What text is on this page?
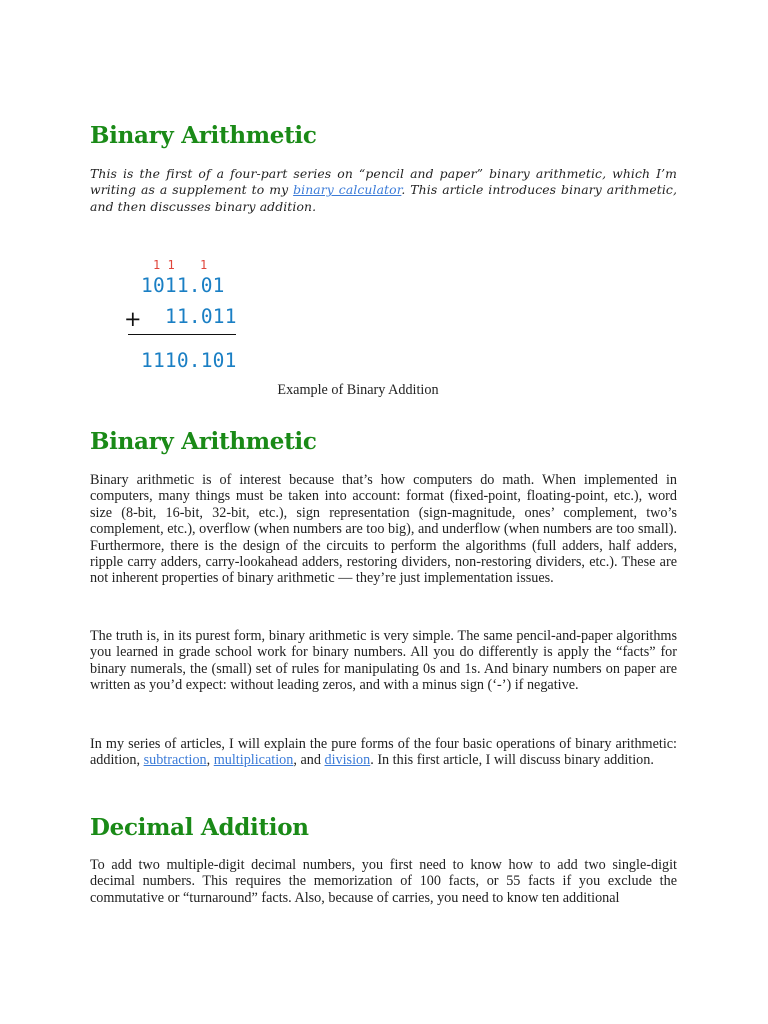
Binary Arithmetic

This is the first of a four-part series on “pencil and paper” binary arithmetic, which I’m writing as a supplement to my binary calculator. This article introduces binary arithmetic, and then discusses binary addition.

1 1 1
1011.01
+ 11.011
1110.101
Example of Binary Addition
Binary Arithmetic

Binary arithmetic is of interest because that’s how computers do math. When implemented in computers, many things must be taken into account: format (fixed-point, floating-point, etc.), word size (8-bit, 16-bit, 32-bit, etc.), sign representation (sign-magnitude, ones’ complement, two’s complement, etc.), overflow (when numbers are too big), and underflow (when numbers are too small). Furthermore, there is the design of the circuits to perform the algorithms (full adders, half adders, ripple carry adders, carry-lookahead adders, restoring dividers, non-restoring dividers, etc.). These are not inherent properties of binary arithmetic — they’re just implementation issues.

The truth is, in its purest form, binary arithmetic is very simple. The same pencil-and-paper algorithms you learned in grade school work for binary numbers. All you do differently is apply the “facts” for binary numerals, the (small) set of rules for manipulating 0s and 1s. And binary numbers on paper are written as you’d expect: without leading zeros, and with a minus sign (‘-’) if negative.

In my series of articles, I will explain the pure forms of the four basic operations of binary arithmetic: addition, subtraction, multiplication, and division. In this first article, I will discuss binary addition.

Decimal Addition

To add two multiple-digit decimal numbers, you first need to know how to add two single-digit decimal numbers. This requires the memorization of 100 facts, or 55 facts if you exclude the commutative or “turnaround” facts. Also, because of carries, you need to know ten additional
